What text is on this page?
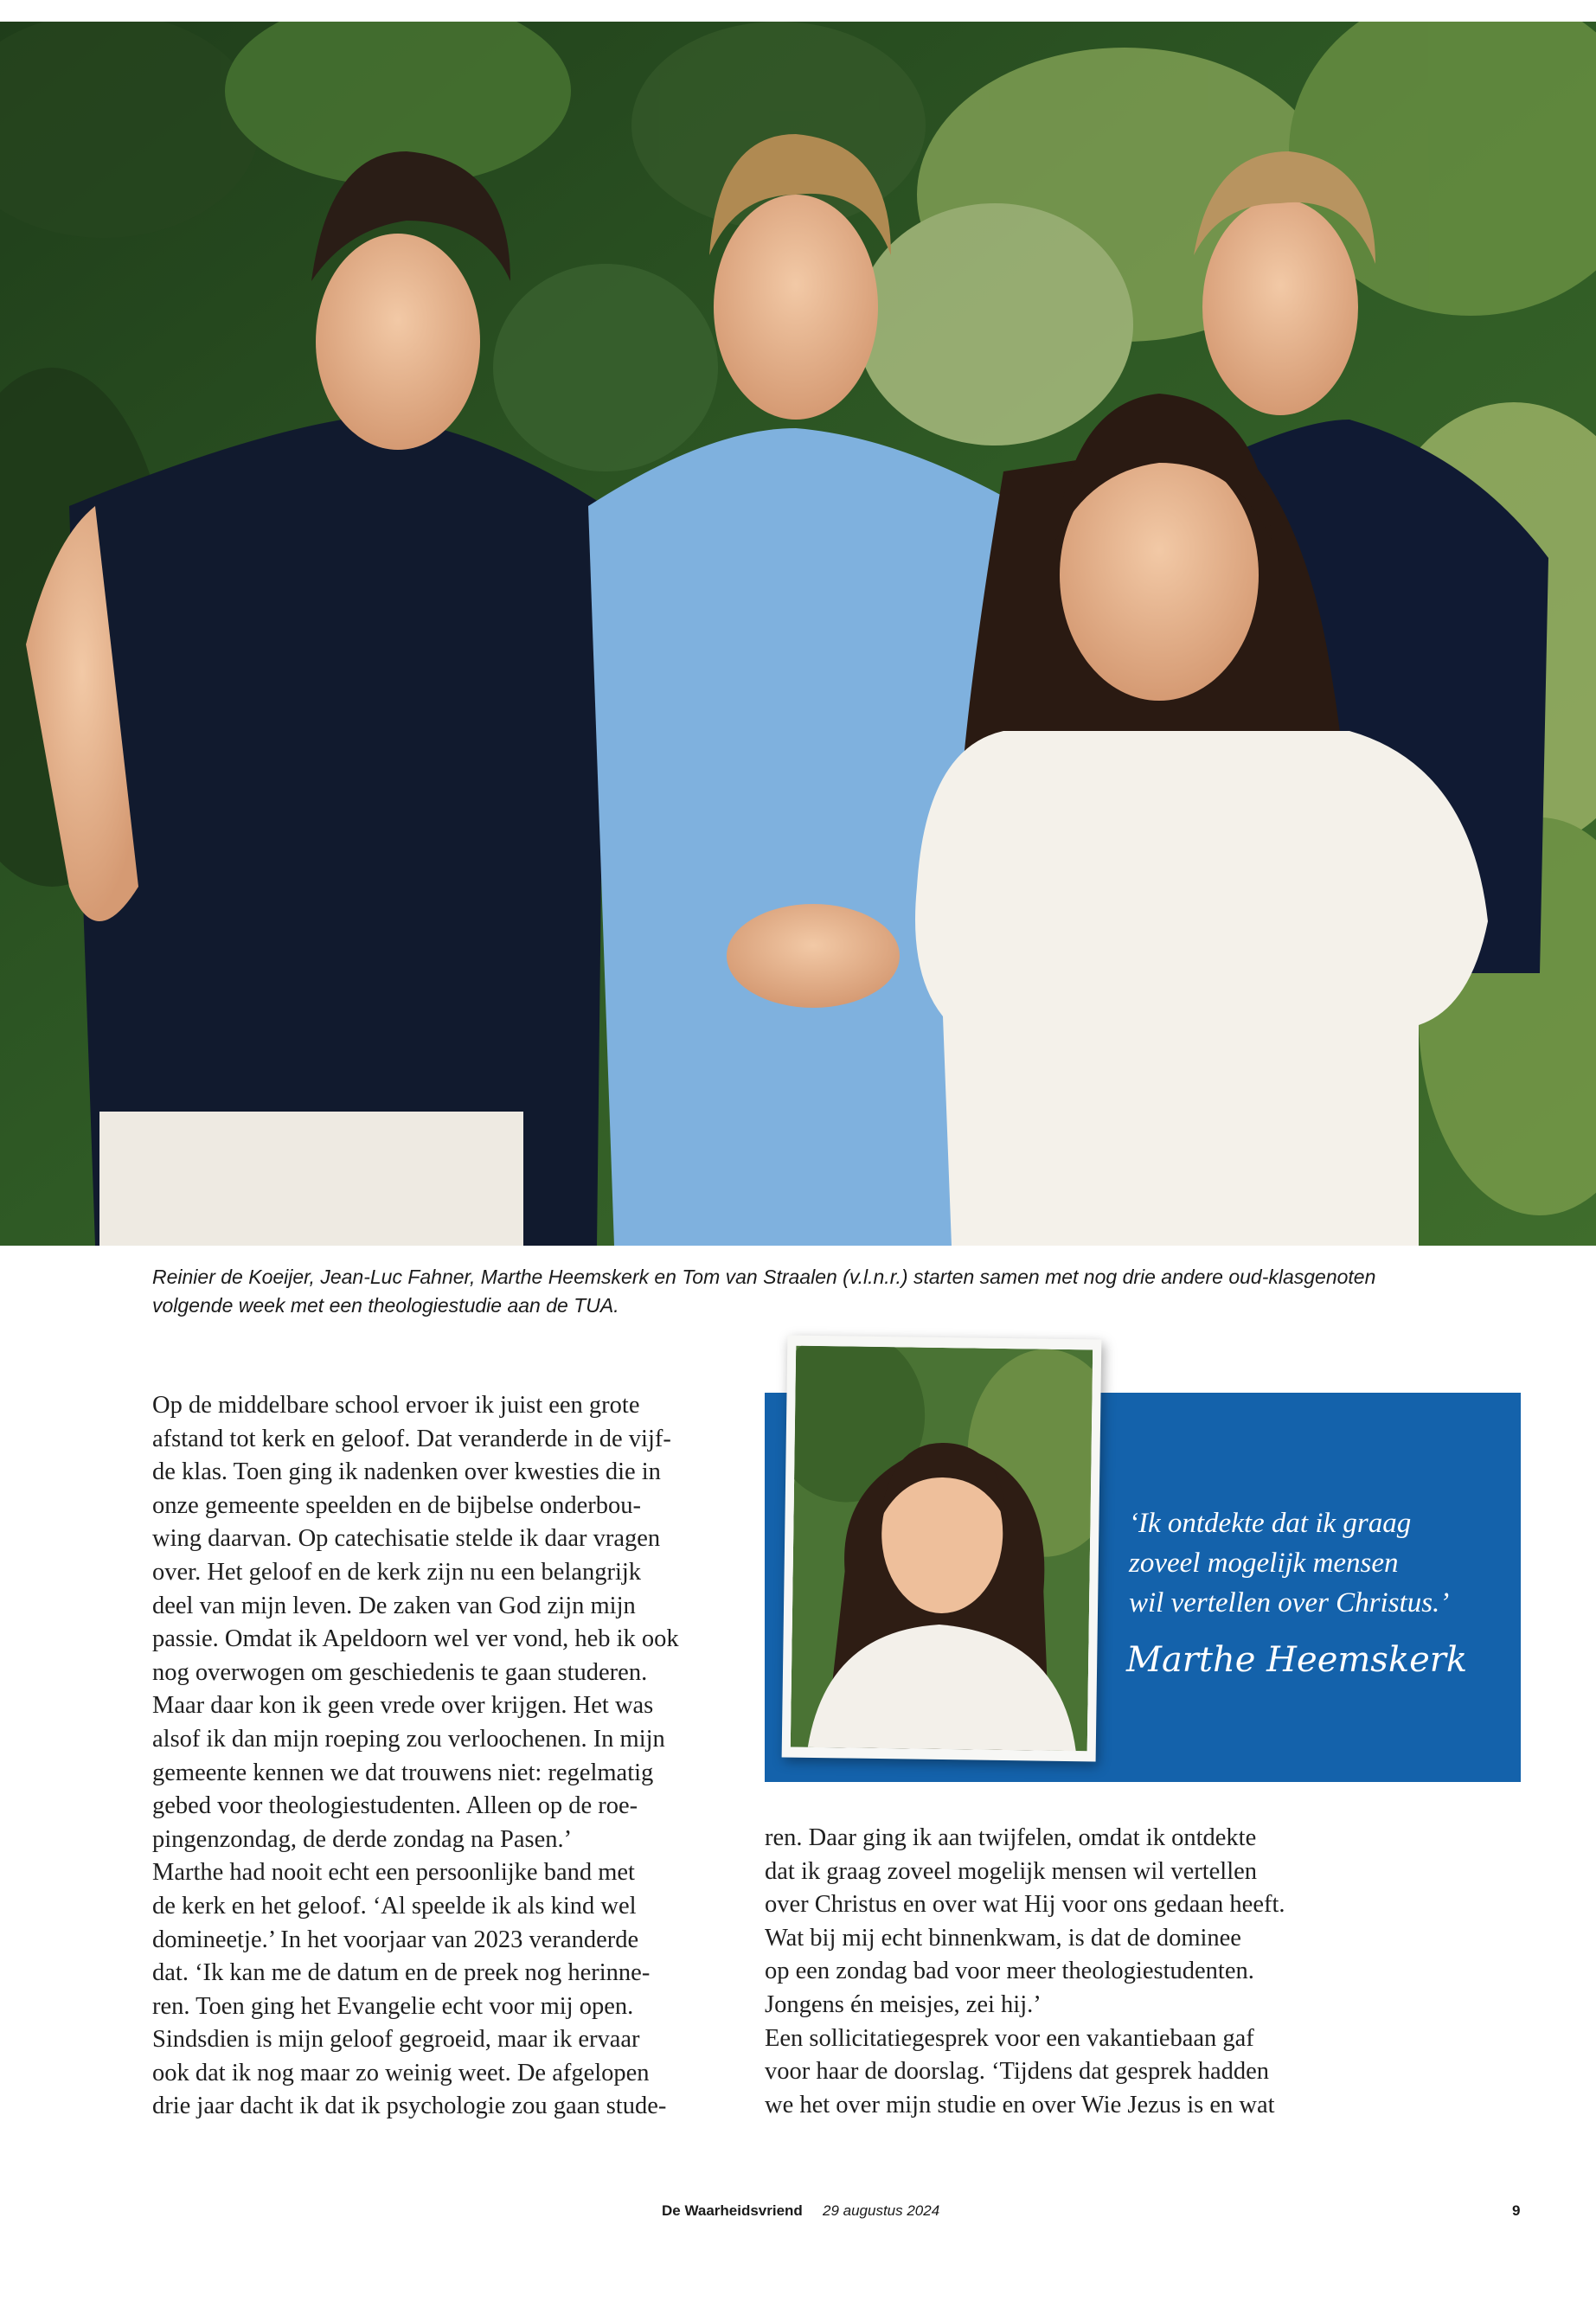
Reinier de Koeijer, Jean-Luc Fahner, Marthe Heemskerk en Tom van Straalen (v.l.n.r.) starten samen met nog drie andere oud-klasgenoten volgende week met een theologiestudie aan de TUA.

Op de middelbare school ervoer ik juist een grote

afstand tot kerk en geloof. Dat veranderde in de vijf-

de klas. Toen ging ik nadenken over kwesties die in

onze gemeente speelden en de bijbelse onderbou-

wing daarvan. Op catechisatie stelde ik daar vragen

over. Het geloof en de kerk zijn nu een belangrijk

deel van mijn leven. De zaken van God zijn mijn

passie. Omdat ik Apeldoorn wel ver vond, heb ik ook

nog overwogen om geschiedenis te gaan studeren.

Maar daar kon ik geen vrede over krijgen. Het was

alsof ik dan mijn roeping zou verloochenen. In mijn

gemeente kennen we dat trouwens niet: regelmatig

gebed voor theologiestudenten. Alleen op de roe-

pingenzondag, de derde zondag na Pasen.’

Marthe had nooit echt een persoonlijke band met

de kerk en het geloof. ‘Al speelde ik als kind wel

domineetje.’ In het voorjaar van 2023 veranderde

dat. ‘Ik kan me de datum en de preek nog herinne-

ren. Toen ging het Evangelie echt voor mij open.

Sindsdien is mijn geloof gegroeid, maar ik ervaar

ook dat ik nog maar zo weinig weet. De afgelopen

drie jaar dacht ik dat ik psychologie zou gaan stude-

‘Ik ontdekte dat ik graag

zoveel mogelijk mensen

wil vertellen over Christus.’

Marthe Heemskerk

ren. Daar ging ik aan twijfelen, omdat ik ontdekte

dat ik graag zoveel mogelijk mensen wil vertellen

over Christus en over wat Hij voor ons gedaan heeft.

Wat bij mij echt binnenkwam, is dat de dominee

op een zondag bad voor meer theologiestudenten.

Jongens én meisjes, zei hij.’

Een sollicitatiegesprek voor een vakantiebaan gaf

voor haar de doorslag. ‘Tijdens dat gesprek hadden

we het over mijn studie en over Wie Jezus is en wat

De Waarheidsvriend 29 augustus 2024	9
